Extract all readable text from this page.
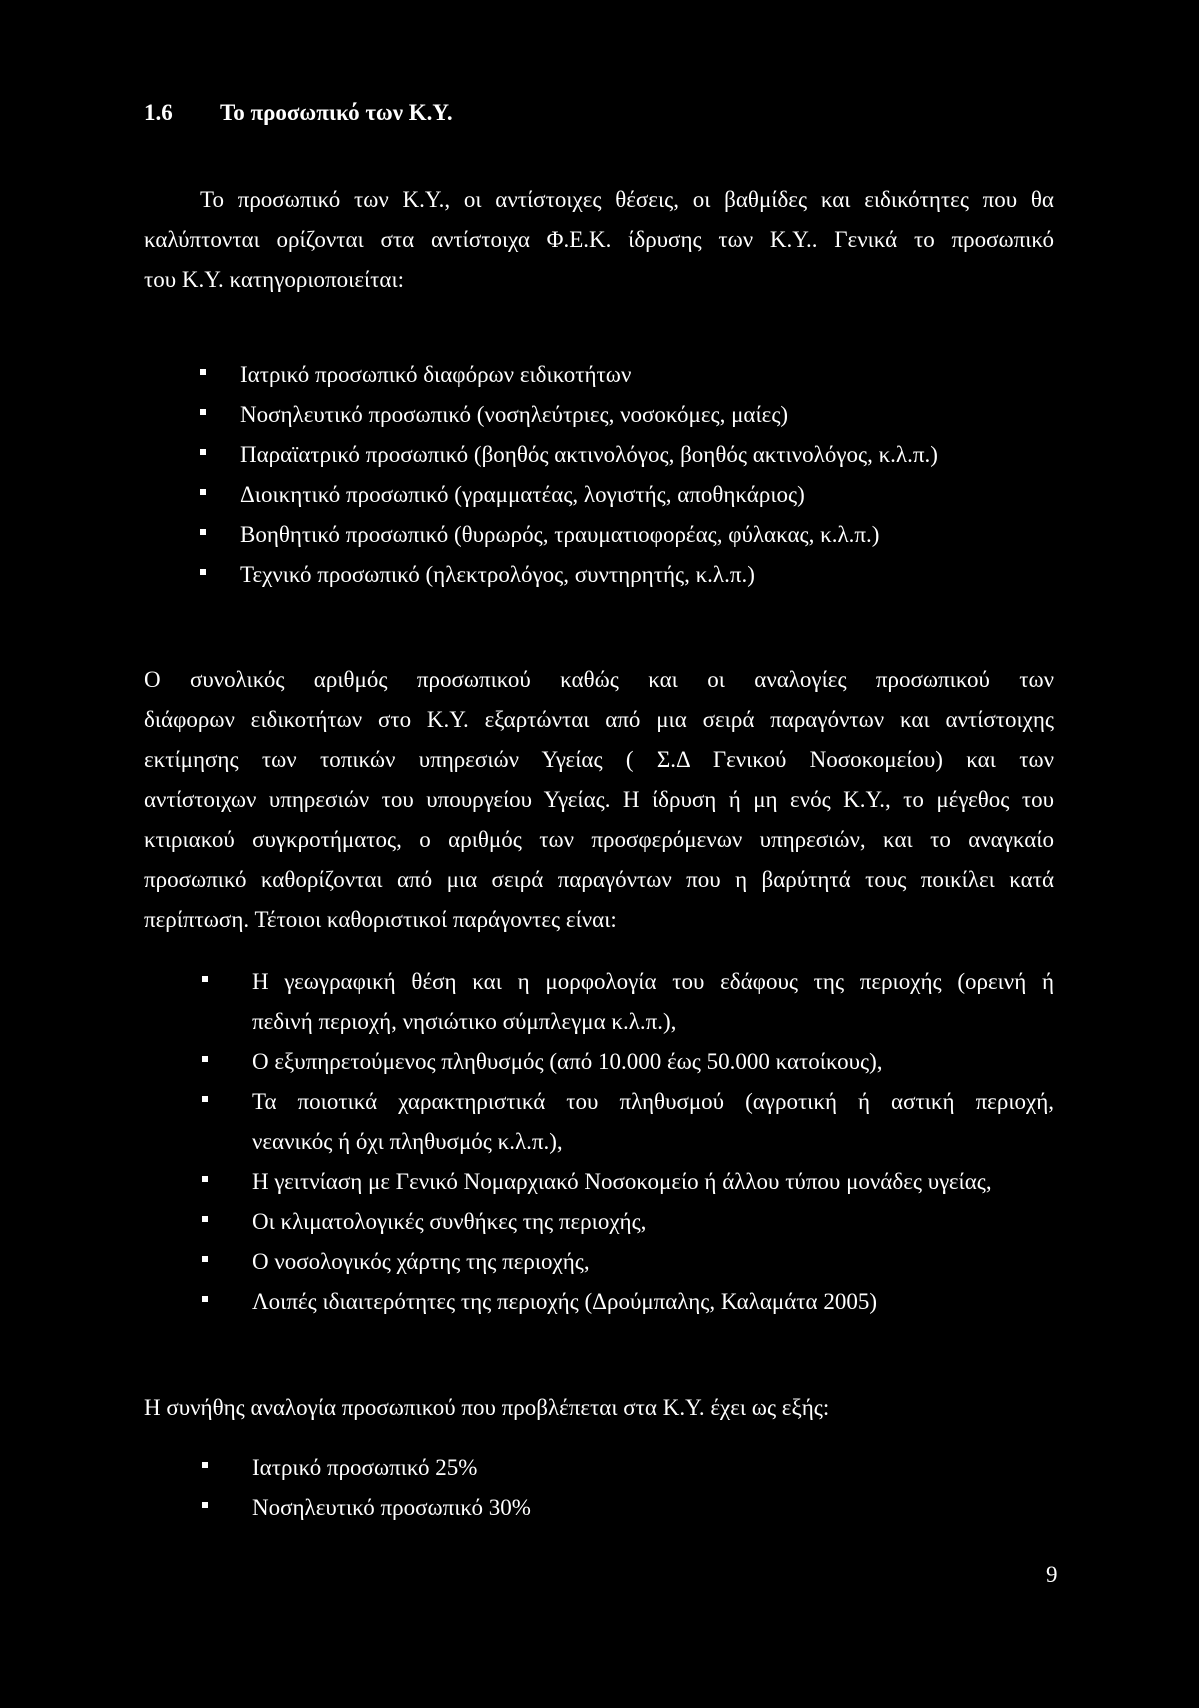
1.6 Το προσωπικό των Κ.Υ.

Το προσωπικό των Κ.Υ., οι αντίστοιχες θέσεις, οι βαθμίδες και ειδικότητες που θα
καλύπτονται ορίζονται στα αντίστοιχα Φ.Ε.Κ. ίδρυσης των Κ.Υ.. Γενικά το προσωπικό
του Κ.Υ. κατηγοριοποιείται:

Ιατρικό προσωπικό διαφόρων ειδικοτήτων
Νοσηλευτικό προσωπικό (νοσηλεύτριες, νοσοκόμες, μαίες)
Παραϊατρικό προσωπικό (βοηθός ακτινολόγος, βοηθός ακτινολόγος, κ.λ.π.)
Διοικητικό προσωπικό (γραμματέας, λογιστής, αποθηκάριος)
Βοηθητικό προσωπικό (θυρωρός, τραυματιοφορέας, φύλακας, κ.λ.π.)
Τεχνικό προσωπικό (ηλεκτρολόγος, συντηρητής, κ.λ.π.)

Ο συνολικός αριθμός προσωπικού καθώς και οι αναλογίες προσωπικού των
διάφορων ειδικοτήτων στο Κ.Υ. εξαρτώνται από μια σειρά παραγόντων και αντίστοιχης
εκτίμησης των τοπικών υπηρεσιών Υγείας ( Σ.Δ Γενικού Νοσοκομείου) και των
αντίστοιχων υπηρεσιών του υπουργείου Υγείας. Η ίδρυση ή μη ενός Κ.Υ., το μέγεθος του
κτιριακού συγκροτήματος, ο αριθμός των προσφερόμενων υπηρεσιών, και το αναγκαίο
προσωπικό καθορίζονται από μια σειρά παραγόντων που η βαρύτητά τους ποικίλει κατά
περίπτωση. Τέτοιοι καθοριστικοί παράγοντες είναι:

Η γεωγραφική θέση και η μορφολογία του εδάφους της περιοχής (ορεινή ή
πεδινή περιοχή, νησιώτικο σύμπλεγμα κ.λ.π.),
Ο εξυπηρετούμενος πληθυσμός (από 10.000 έως 50.000 κατοίκους),
Τα ποιοτικά χαρακτηριστικά του πληθυσμού (αγροτική ή αστική περιοχή,
νεανικός ή όχι πληθυσμός κ.λ.π.),
Η γειτνίαση με Γενικό Νομαρχιακό Νοσοκομείο ή άλλου τύπου μονάδες υγείας,
Οι κλιματολογικές συνθήκες της περιοχής,
Ο νοσολογικός χάρτης της περιοχής,
Λοιπές ιδιαιτερότητες της περιοχής (Δρούμπαλης, Καλαμάτα 2005)

Η συνήθης αναλογία προσωπικού που προβλέπεται στα Κ.Υ. έχει ως εξής:

Ιατρικό προσωπικό 25%
Νοσηλευτικό προσωπικό 30%
9
